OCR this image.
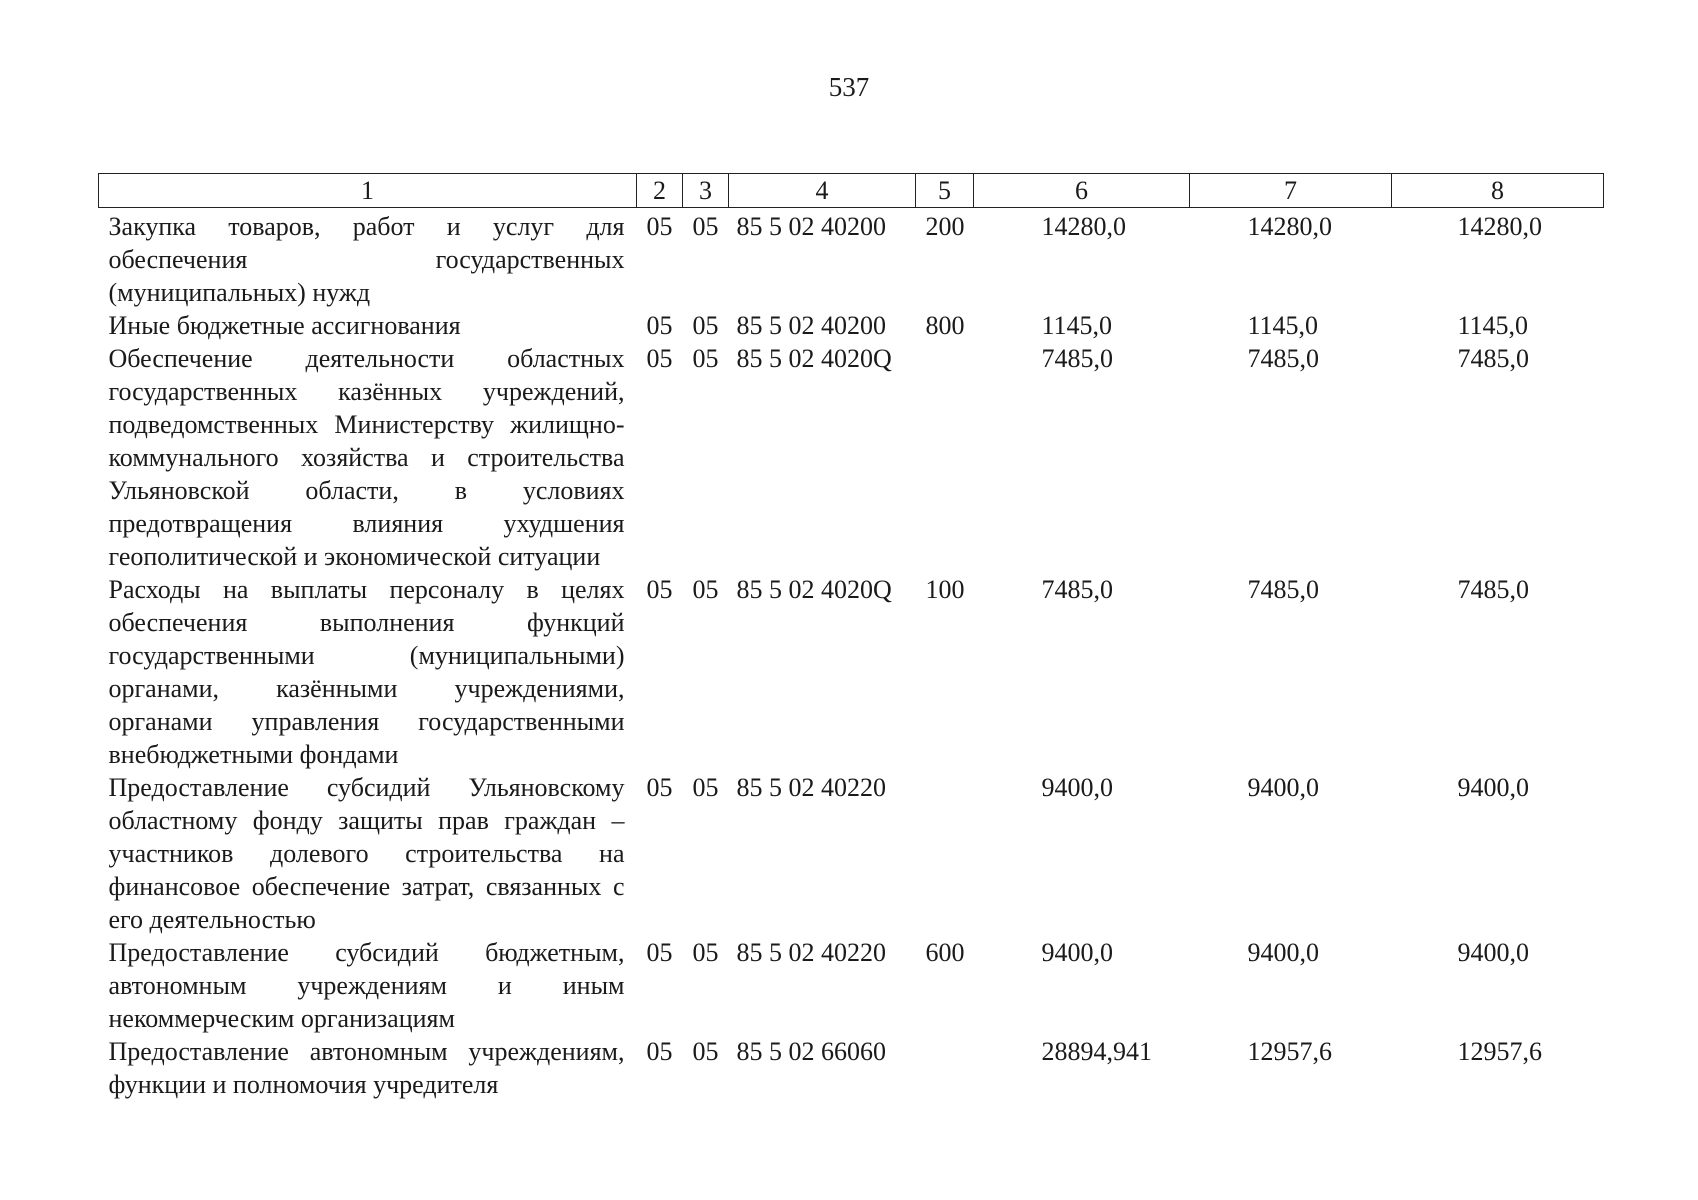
537
1	2	3	4	5	6	7	8
Закупка товаров, работ и услуг для обеспечения государственных (муниципальных) нужд	05	05	85 5 02 40200	200	14280,0	14280,0	14280,0
Иные бюджетные ассигнования	05	05	85 5 02 40200	800	1145,0	1145,0	1145,0
Обеспечение деятельности областных государственных казённых учреждений, подведомственных Министерству жилищно-коммунального хозяйства и строительства Ульяновской области, в условиях предотвращения влияния ухудшения геополитической и экономической ситуации	05	05	85 5 02 4020Q		7485,0	7485,0	7485,0
Расходы на выплаты персоналу в целях обеспечения выполнения функций государственными (муниципальными) органами, казёнными учреждениями, органами управления государственными внебюджетными фондами	05	05	85 5 02 4020Q	100	7485,0	7485,0	7485,0
Предоставление субсидий Ульяновскому областному фонду защиты прав граждан – участников долевого строительства на финансовое обеспечение затрат, связанных с его деятельностью	05	05	85 5 02 40220		9400,0	9400,0	9400,0
Предоставление субсидий бюджетным, автономным учреждениям и иным некоммерческим организациям	05	05	85 5 02 40220	600	9400,0	9400,0	9400,0
Предоставление автономным учреждениям, функции и полномочия учредителя	05	05	85 5 02 66060		28894,941	12957,6	12957,6
